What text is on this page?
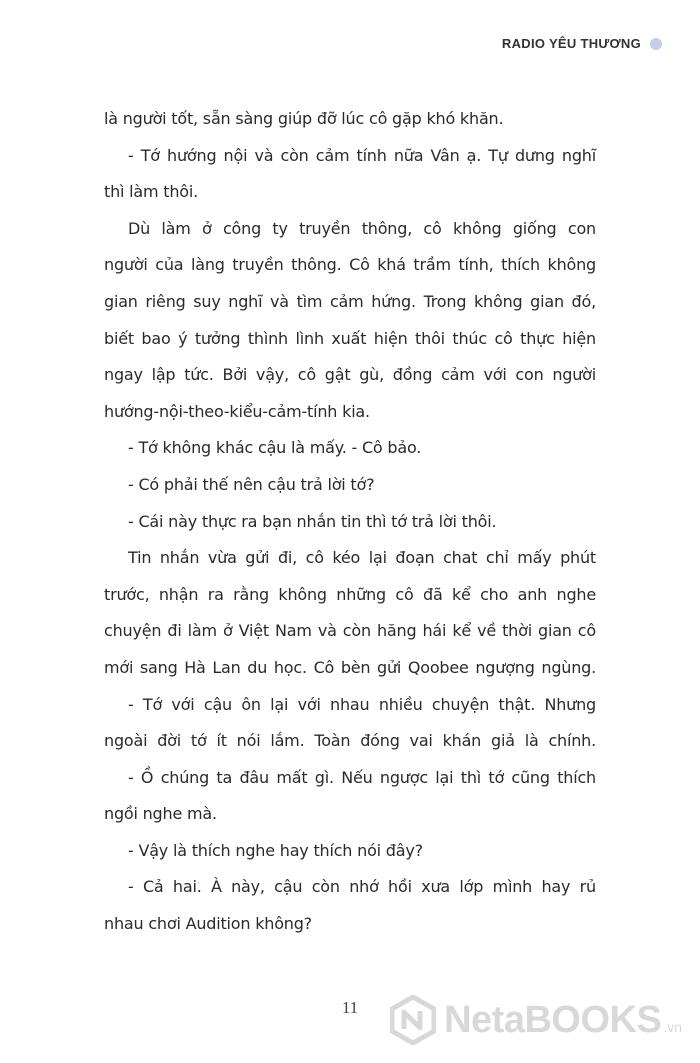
RADIO YÊU THƯƠNG
là người tốt, sẵn sàng giúp đỡ lúc cô gặp khó khăn.
- Tớ hướng nội và còn cảm tính nữa Vân ạ. Tự dưng nghĩ
thì làm thôi.
Dù làm ở công ty truyền thông, cô không giống con
người của làng truyền thông. Cô khá trầm tính, thích không
gian riêng suy nghĩ và tìm cảm hứng. Trong không gian đó,
biết bao ý tưởng thình lình xuất hiện thôi thúc cô thực hiện
ngay lập tức. Bởi vậy, cô gật gù, đồng cảm với con người
hướng-nội-theo-kiểu-cảm-tính kia.
- Tớ không khác cậu là mấy. - Cô bảo.
- Có phải thế nên cậu trả lời tớ?
- Cái này thực ra bạn nhắn tin thì tớ trả lời thôi.
Tin nhắn vừa gửi đi, cô kéo lại đoạn chat chỉ mấy phút
trước, nhận ra rằng không những cô đã kể cho anh nghe
chuyện đi làm ở Việt Nam và còn hăng hái kể về thời gian cô
mới sang Hà Lan du học. Cô bèn gửi Qoobee ngượng ngùng.
- Tớ với cậu ôn lại với nhau nhiều chuyện thật. Nhưng
ngoài đời tớ ít nói lắm. Toàn đóng vai khán giả là chính.
- Ồ chúng ta đâu mất gì. Nếu ngược lại thì tớ cũng thích
ngồi nghe mà.
- Vậy là thích nghe hay thích nói đây?
- Cả hai. À này, cậu còn nhớ hồi xưa lớp mình hay rủ
nhau chơi Audition không?
11	NetaBOOKS .vn
